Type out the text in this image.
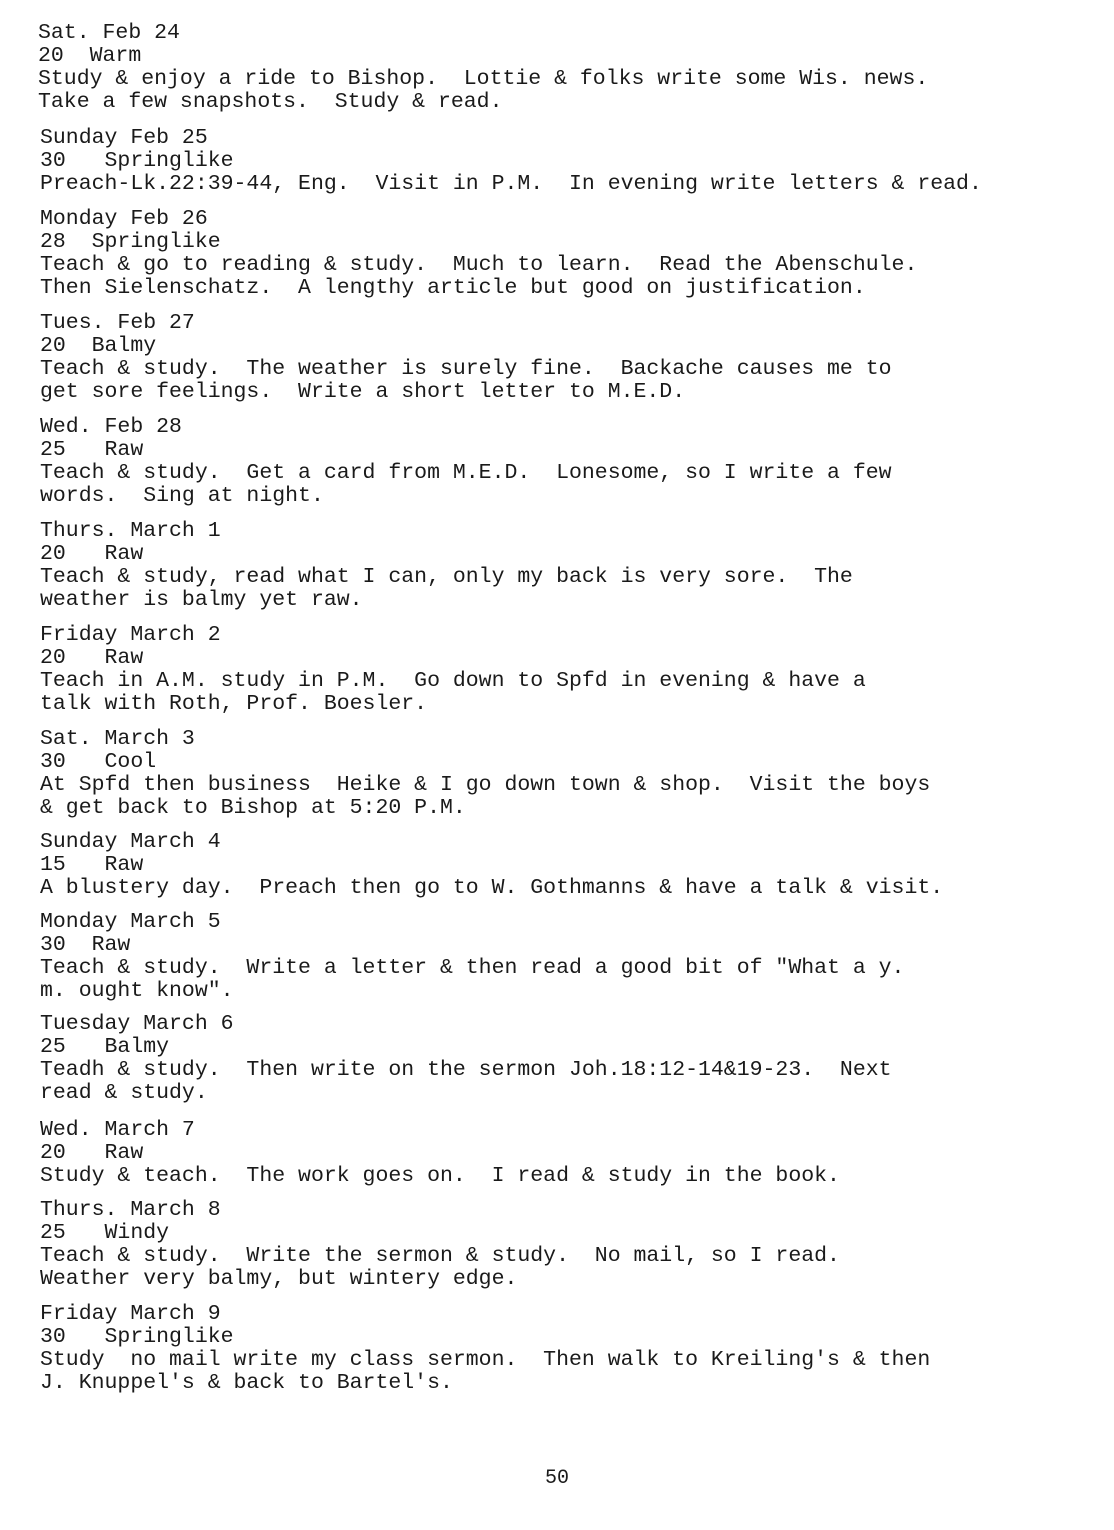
Sat. Feb 24
20  Warm
Study & enjoy a ride to Bishop.  Lottie & folks write some Wis. news.
Take a few snapshots.  Study & read.
Sunday Feb 25
30   Springlike
Preach-Lk.22:39-44, Eng.  Visit in P.M.  In evening write letters & read.
Monday Feb 26
28  Springlike
Teach & go to reading & study.  Much to learn.  Read the Abenschule.
Then Sielenschatz.  A lengthy article but good on justification.
Tues. Feb 27
20  Balmy
Teach & study.  The weather is surely fine.  Backache causes me to
get sore feelings.  Write a short letter to M.E.D.
Wed. Feb 28
25   Raw
Teach & study.  Get a card from M.E.D.  Lonesome, so I write a few
words.  Sing at night.
Thurs. March 1
20   Raw
Teach & study, read what I can, only my back is very sore.  The
weather is balmy yet raw.
Friday March 2
20   Raw
Teach in A.M. study in P.M.  Go down to Spfd in evening & have a
talk with Roth, Prof. Boesler.
Sat. March 3
30   Cool
At Spfd then business  Heike & I go down town & shop.  Visit the boys
& get back to Bishop at 5:20 P.M.
Sunday March 4
15   Raw
A blustery day.  Preach then go to W. Gothmanns & have a talk & visit.
Monday March 5
30  Raw
Teach & study.  Write a letter & then read a good bit of "What a y.
m. ought know".
Tuesday March 6
25   Balmy
Teadh & study.  Then write on the sermon Joh.18:12-14&19-23.  Next
read & study.
Wed. March 7
20   Raw
Study & teach.  The work goes on.  I read & study in the book.
Thurs. March 8
25   Windy
Teach & study.  Write the sermon & study.  No mail, so I read.
Weather very balmy, but wintery edge.
Friday March 9
30   Springlike
Study  no mail write my class sermon.  Then walk to Kreiling's & then
J. Knuppel's & back to Bartel's.
50
